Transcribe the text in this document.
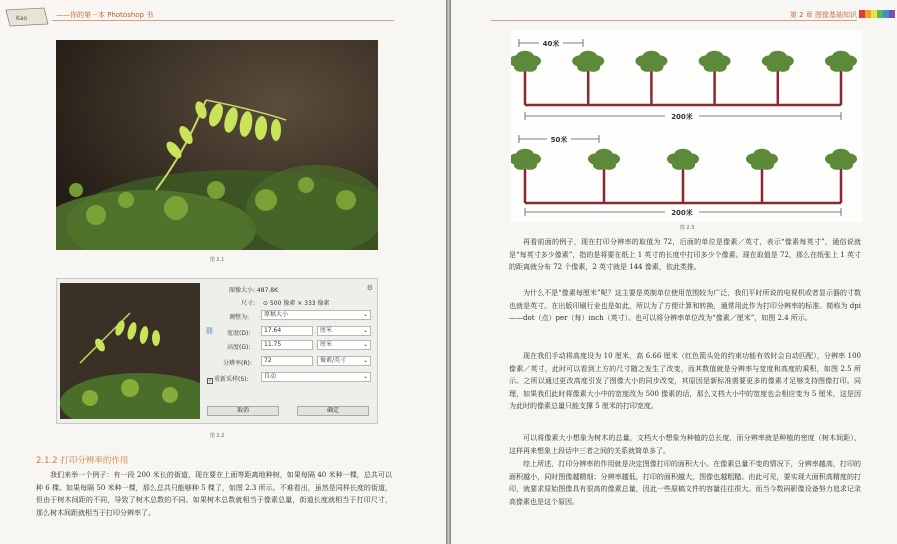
Kao	——你的第一本 Photoshop 书
图 2.1
⚙
图像大小: 487.8K
尺寸: ⊙ 500 像素 × 333 像素
调整为:	原稿大小	⌄
⛓ 宽度(D):	17.64	厘米	⌄
高度(G):	11.75	厘米	⌄
分辨率(R):	72	像素/英寸	⌄
✓ 重新采样(S):	自动	⌄
取消	确定
图 2.2
2.1.2 打印分辨率的作用
我们来举一个例子：有一段 200 米长的街道，现在要在上面等距离地种树，如果每隔 40 米种一棵，总共可以种 6 棵。如果每隔 50 米种一棵，那么总共只能够种 5 棵了，如图 2.3 所示。不难看出，虽然是同样长度的街道，但由于树木间距的不同，导致了树木总数的不同。如果树木总数就相当于像素总量，街道长度就相当于打印尺寸，那么树木间距就相当于打印分辨率了。
第 2 章 图像基础知识
40米
200米
50米
200米
图 2.3
再看前面的例子，现在打印分辨率的取值为 72，后面的单位是像素／英寸，表示“像素每英寸”，通俗说就是“每英寸多少像素”，指的是将要在纸上 1 英寸的长度中打印多少个像素。现在取值是 72，那么在纸张上 1 英寸的距离就分布 72 个像素，2 英寸就是 144 像素，依此类推。
为什么不是“像素每厘米”呢？这主要是英制单位使用范围较为广泛，我们平时所说的电视机或者显示器的寸数也就是英寸。在出版印刷行业也是如此，所以为了方便计算和转换，通常用此作为打印分辨率的标准。简称为 dpi——dot（点）per（每）inch（英寸）。也可以将分辨率单位改为“像素／厘米”，如图 2.4 所示。
现在我们手动将高度设为 10 厘米，高 6.66 厘米（红色箭头处的约束功能有效时会自动匹配），分辨率 100 像素／英寸，此时可以看到上方的尺寸随之发生了改变，而其数值就是分辨率与宽度和高度的乘积，如图 2.5 所示。之所以通过更改高度引发了图像大小的同步改变，其原因是新标准需要更多的像素才足够支持图像打印。同理，如果我们此时将像素大小中的宽度改为 500 像素的话，那么文档大小中的宽度也会相应变为 5 厘米，这是因为此时的像素总量只能支撑 5 厘米的打印宽度。
可以将像素大小想象为树木的总量，文档大小想象为种植的总长度，而分辨率就是种植的密度（树木间距），这样再来想象上段话中三者之间的关系就简单多了。
综上所述，打印分辨率的作用就是决定图像打印的面积大小。在像素总量不变的情况下，分辨率越高，打印的面积越小，同时图像越精细；分辨率越低，打印的面积越大，图像也越粗糙。由此可见，要实现大面积高精度的打印，就要求原始图像具有很高的像素总量，因此一些原稿文件的容量往往很大。而当今数码影像设备努力追求记录高像素也是这个原因。
